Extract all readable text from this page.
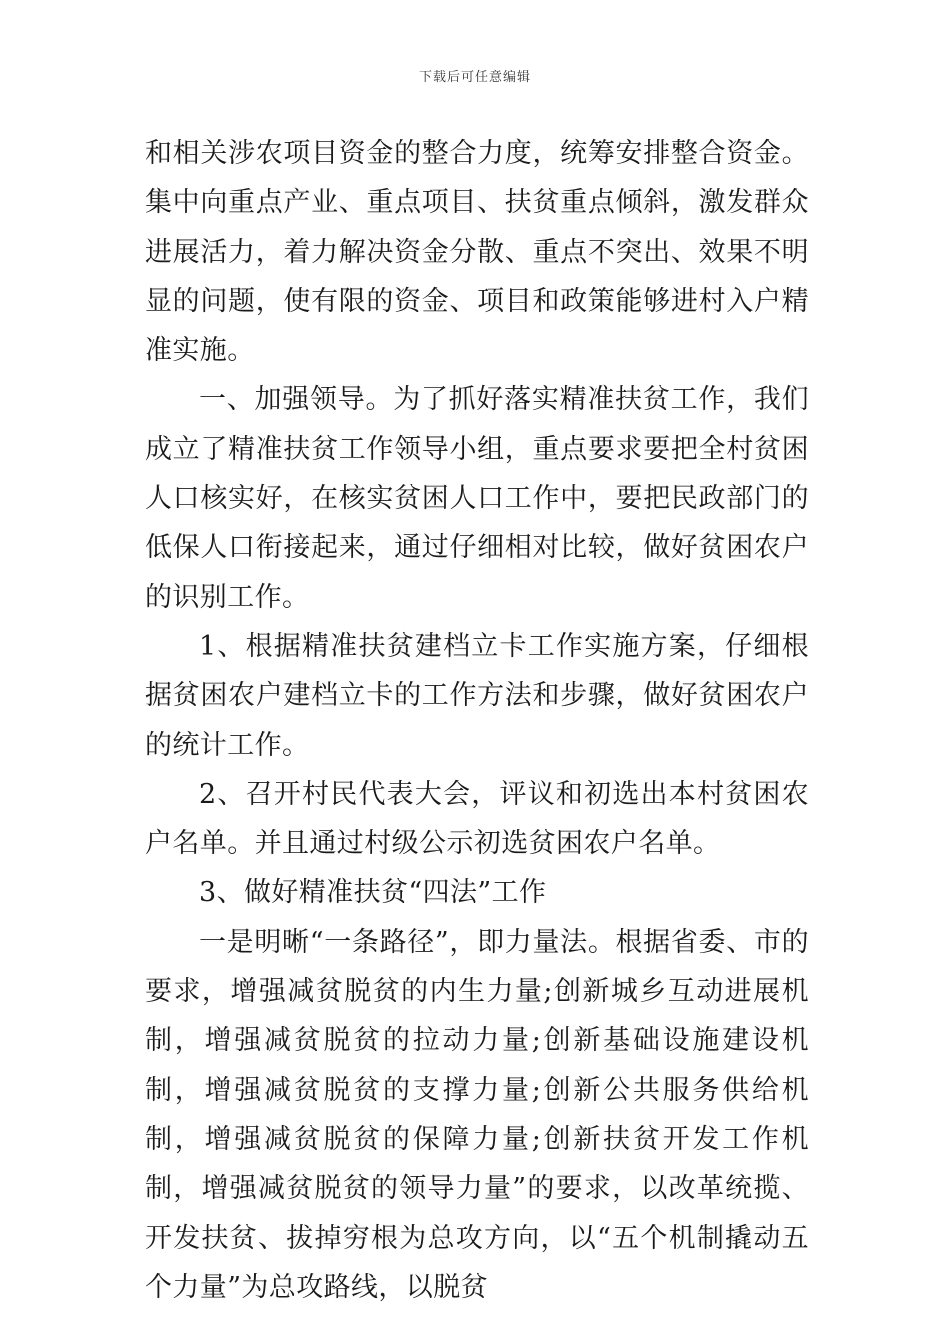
下载后可任意编辑

和相关涉农项目资金的整合力度，统筹安排整合资金。集中向重点产业、重点项目、扶贫重点倾斜，激发群众进展活力，着力解决资金分散、重点不突出、效果不明显的问题，使有限的资金、项目和政策能够进村入户精准实施。

一、加强领导。为了抓好落实精准扶贫工作，我们成立了精准扶贫工作领导小组，重点要求要把全村贫困人口核实好，在核实贫困人口工作中，要把民政部门的低保人口衔接起来，通过仔细相对比较，做好贫困农户的识别工作。

1、根据精准扶贫建档立卡工作实施方案，仔细根据贫困农户建档立卡的工作方法和步骤，做好贫困农户的统计工作。

2、召开村民代表大会，评议和初选出本村贫困农户名单。并且通过村级公示初选贫困农户名单。

3、做好精准扶贫“四法”工作

一是明晰“一条路径”，即力量法。根据省委、市的要求，增强减贫脱贫的内生力量;创新城乡互动进展机制，增强减贫脱贫的拉动力量;创新基础设施建设机制，增强减贫脱贫的支撑力量;创新公共服务供给机制，增强减贫脱贫的保障力量;创新扶贫开发工作机制，增强减贫脱贫的领导力量”的要求，以改革统揽、开发扶贫、拔掉穷根为总攻方向，以“五个机制撬动五个力量”为总攻路线，以脱贫
